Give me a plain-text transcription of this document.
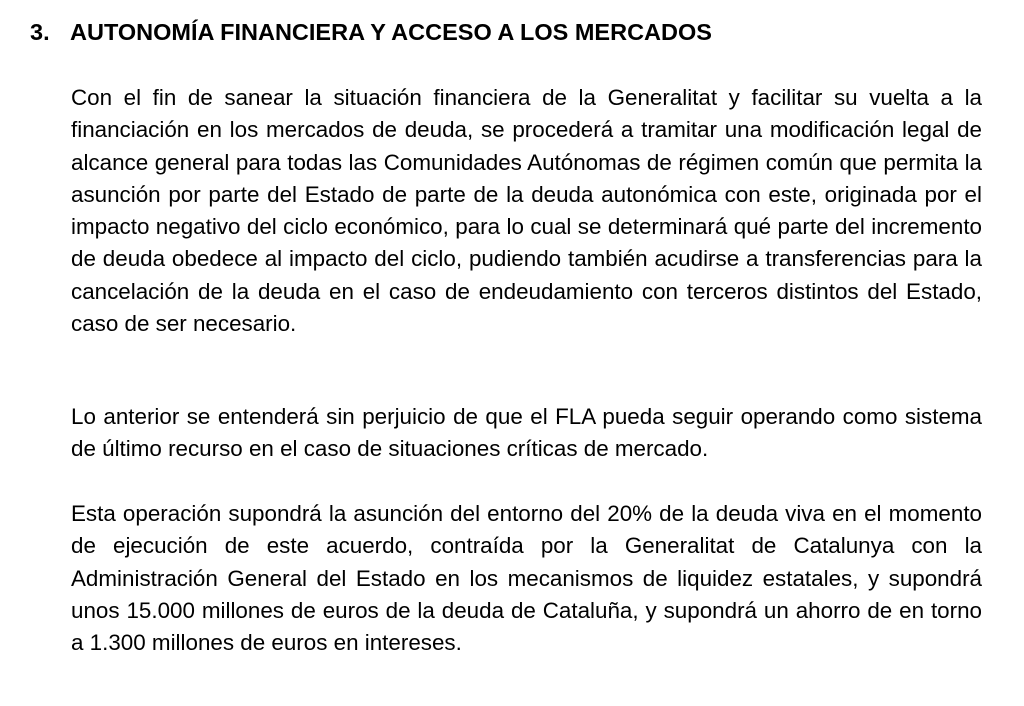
3. AUTONOMÍA FINANCIERA Y ACCESO A LOS MERCADOS

Con el fin de sanear la situación financiera de la Generalitat y facilitar su vuelta a la financiación en los mercados de deuda, se procederá a tramitar una modificación legal de alcance general para todas las Comunidades Autónomas de régimen común que permita la asunción por parte del Estado de parte de la deuda autonómica con este, originada por el impacto negativo del ciclo económico, para lo cual se determinará qué parte del incremento de deuda obedece al impacto del ciclo, pudiendo también acudirse a transferencias para la cancelación de la deuda en el caso de endeudamiento con terceros distintos del Estado, caso de ser necesario.

Lo anterior se entenderá sin perjuicio de que el FLA pueda seguir operando como sistema de último recurso en el caso de situaciones críticas de mercado.

Esta operación supondrá la asunción del entorno del 20% de la deuda viva en el momento de ejecución de este acuerdo, contraída por la Generalitat de Catalunya con la Administración General del Estado en los mecanismos de liquidez estatales, y supondrá unos 15.000 millones de euros de la deuda de Cataluña, y supondrá un ahorro de en torno a 1.300 millones de euros en intereses.
